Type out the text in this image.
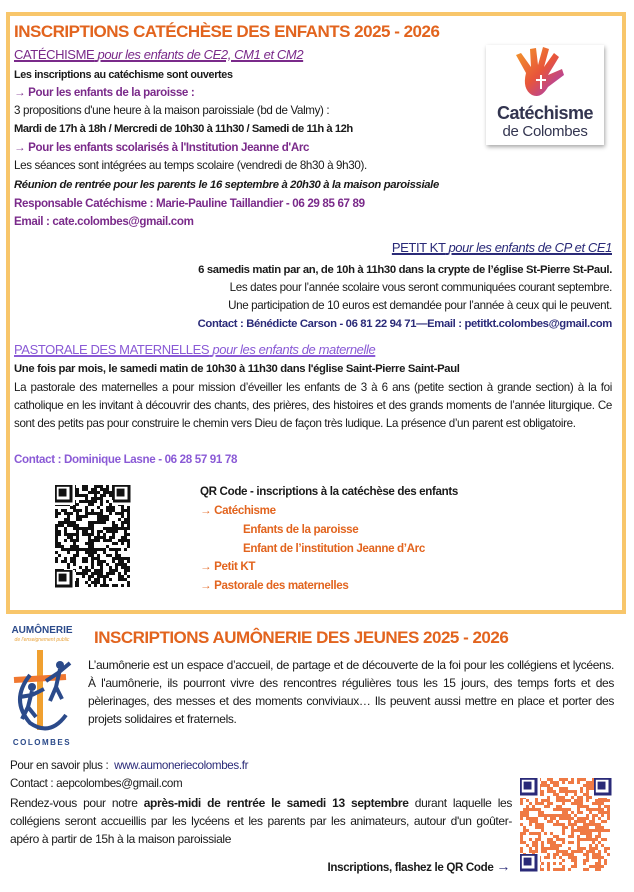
INSCRIPTIONS CATÉCHÈSE DES ENFANTS 2025 - 2026
Catéchisme
de Colombes
CATÉCHISME pour les enfants de CE2, CM1 et CM2
Les inscriptions au catéchisme sont ouvertes
→ Pour les enfants de la paroisse :
3 propositions d'une heure à la maison paroissiale (bd de Valmy) :
Mardi de 17h à 18h / Mercredi de 10h30 à 11h30 / Samedi de 11h à 12h
→ Pour les enfants scolarisés à l'Institution Jeanne d'Arc
Les séances sont intégrées au temps scolaire (vendredi de 8h30 à 9h30).
Réunion de rentrée pour les parents le 16 septembre à 20h30 à la maison paroissiale
Responsable Catéchisme : Marie-Pauline Taillandier - 06 29 85 67 89
Email : cate.colombes@gmail.com
PETIT KT pour les enfants de CP et CE1
6 samedis matin par an, de 10h à 11h30 dans la crypte de l’église St-Pierre St-Paul.
Les dates pour l’année scolaire vous seront communiquées courant septembre.
Une participation de 10 euros est demandée pour l’année à ceux qui le peuvent.
Contact : Bénédicte Carson - 06 81 22 94 71—Email : petitkt.colombes@gmail.com
PASTORALE DES MATERNELLES pour les enfants de maternelle
Une fois par mois, le samedi matin de 10h30 à 11h30 dans l'église Saint-Pierre Saint-Paul
La pastorale des maternelles a pour mission d’éveiller les enfants de 3 à 6 ans (petite section à grande section) à la foi catholique en les invitant à découvrir des chants, des prières, des histoires et des grands moments de l’année liturgique. Ce sont des petits pas pour construire le chemin vers Dieu de façon très ludique. La présence d’un parent est obligatoire.
Contact : Dominique Lasne - 06 28 57 91 78
QR Code - inscriptions à la catéchèse des enfants
→ Catéchisme
Enfants de la paroisse
Enfant de l’institution Jeanne d’Arc
→ Petit KT
→ Pastorale des maternelles
AUMÔNERIE
de l'enseignement public
COLOMBES
INSCRIPTIONS AUMÔNERIE DES JEUNES 2025 - 2026
L’aumônerie est un espace d’accueil, de partage et de découverte de la foi pour les collégiens et lycéens. À l'aumônerie, ils pourront vivre des rencontres régulières tous les 15 jours, des temps forts et des pèlerinages, des messes et des moments conviviaux… Ils peuvent aussi mettre en place et porter des projets solidaires et fraternels.
Pour en savoir plus : www.aumoneriecolombes.fr
Contact : aepcolombes@gmail.com
Rendez-vous pour notre après-midi de rentrée le samedi 13 septembre durant laquelle les collégiens seront accueillis par les lycéens et les parents par les animateurs, autour d'un goûter-apéro à partir de 15h à la maison paroissiale
Inscriptions, flashez le QR Code →
